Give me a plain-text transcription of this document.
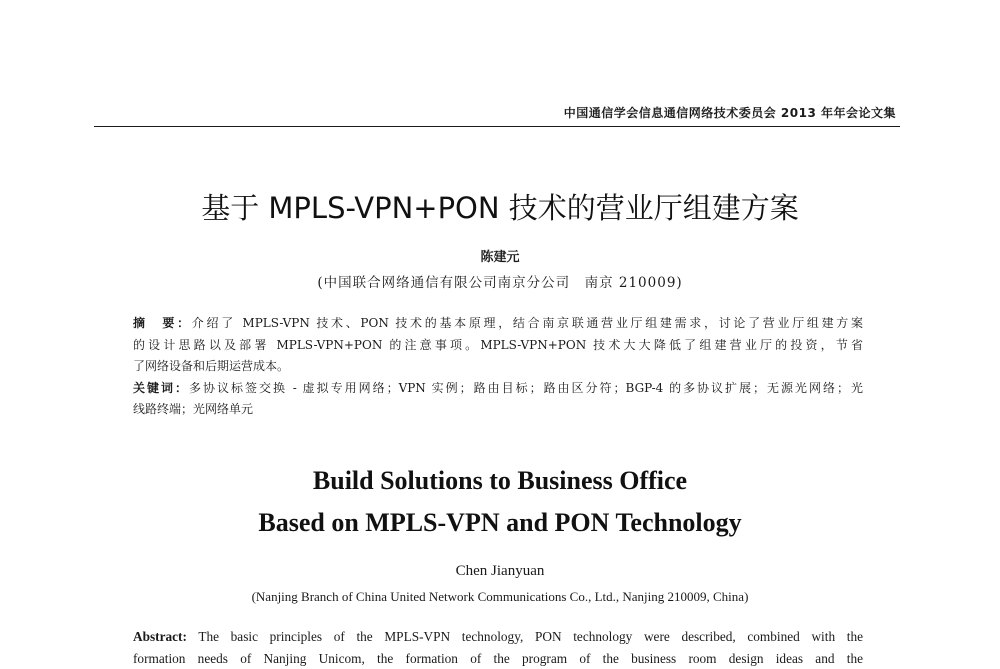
中国通信学会信息通信网络技术委员会 2013 年年会论文集
基于 MPLS-VPN+PON 技术的营业厅组建方案
陈建元
(中国联合网络通信有限公司南京分公司　南京 210009)
摘　要：介绍了 MPLS-VPN 技术、PON 技术的基本原理，结合南京联通营业厅组建需求，讨论了营业厅组建方案
的设计思路以及部署 MPLS-VPN+PON 的注意事项。MPLS-VPN+PON 技术大大降低了组建营业厅的投资，节省
了网络设备和后期运营成本。
关键词：多协议标签交换 - 虚拟专用网络；VPN 实例；路由目标；路由区分符；BGP-4 的多协议扩展；无源光网络；光
线路终端；光网络单元
Build Solutions to Business Office
Based on MPLS-VPN and PON Technology
Chen Jianyuan
(Nanjing Branch of China United Network Communications Co., Ltd., Nanjing 210009, China)
Abstract: The basic principles of the MPLS-VPN technology, PON technology were described, combined with the
formation needs of Nanjing Unicom, the formation of the program of the business room design ideas and the
